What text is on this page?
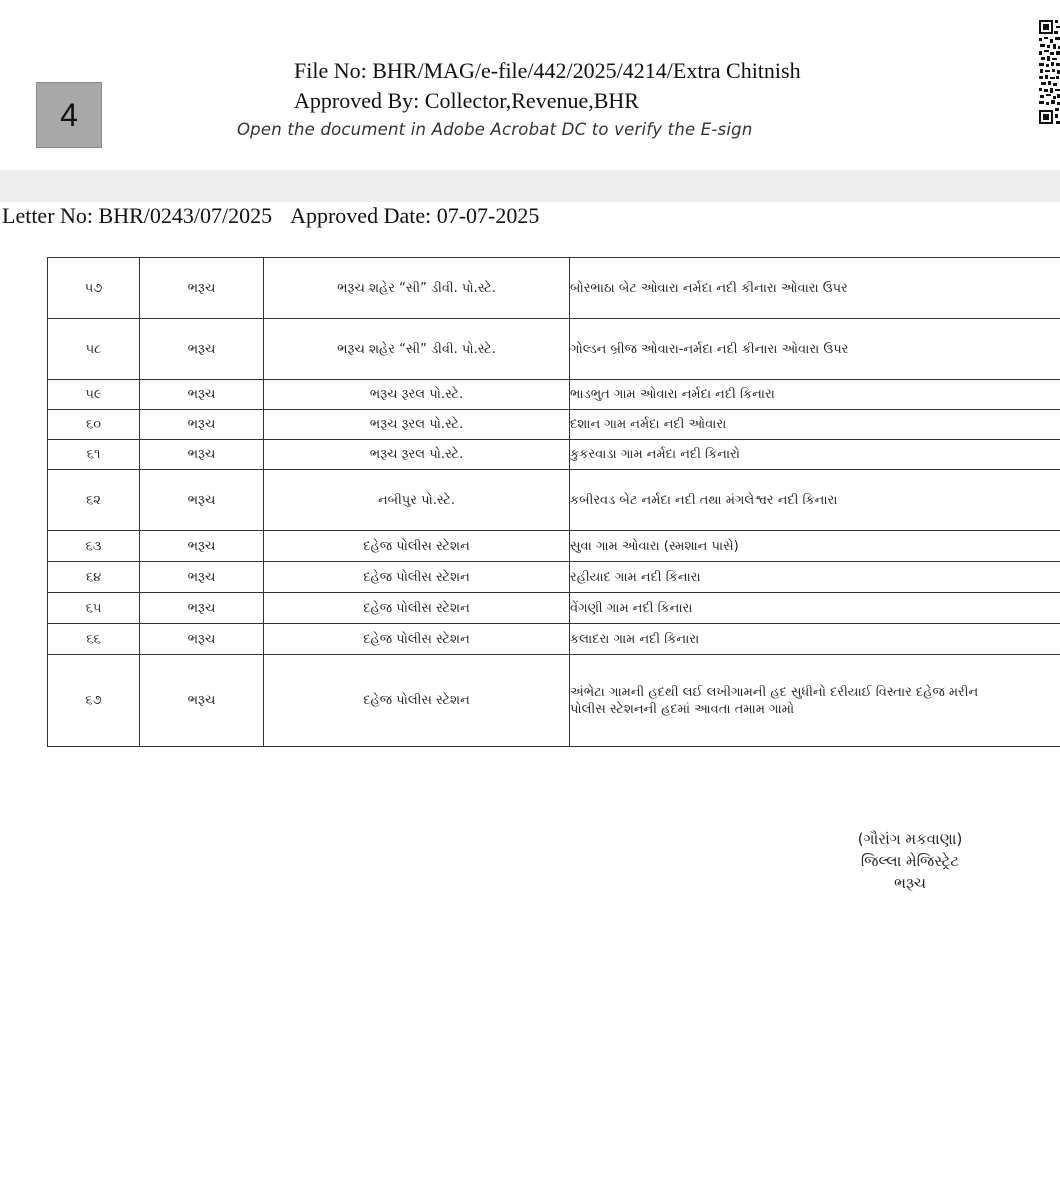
4
File No: BHR/MAG/e-file/442/2025/4214/Extra Chitnish
Approved By: Collector,Revenue,BHR
Open the document in Adobe Acrobat DC to verify the E-sign
Letter No: BHR/0243/07/2025 Approved Date: 07-07-2025
૫૭	ભરૂચ	ભરૂચ શહેર “સી” ડીવી. પો.સ્ટે.	બોરભાઠા બેટ ઓવારા નર્મદા નદી કીનારા ઓવારા ઉપર
૫૮	ભરૂચ	ભરૂચ શહેર “સી” ડીવી. પો.સ્ટે.	ગોલ્ડન બ્રીજ ઓવારા-નર્મદા નદી કીનારા ઓવારા ઉપર
૫૯	ભરૂચ	ભરૂચ રૂરલ પો.સ્ટે.	ભાડભુત ગામ ઓવારા નર્મદા નદી કિનારા
૬૦	ભરૂચ	ભરૂચ રૂરલ પો.સ્ટે.	દશાન ગામ નર્મદા નદી ઓવારા
૬૧	ભરૂચ	ભરૂચ રૂરલ પો.સ્ટે.	કુકરવાડા ગામ નર્મદા નદી કિનારો
૬૨	ભરૂચ	નબીપુર પો.સ્ટે.	કબીરવડ બેટ નર્મદા નદી તથા મંગલેશ્વર નદી કિનારા
૬૩	ભરૂચ	દહેજ પોલીસ સ્ટેશન	સુવા ગામ ઓવારા (સ્મશાન પાસે)
૬૪	ભરૂચ	દહેજ પોલીસ સ્ટેશન	રહીયાદ ગામ નદી કિનારા
૬૫	ભરૂચ	દહેજ પોલીસ સ્ટેશન	વેંગણી ગામ નદી કિનારા
૬૬	ભરૂચ	દહેજ પોલીસ સ્ટેશન	કલાદરા ગામ નદી કિનારા
૬૭	ભરૂચ	દહેજ પોલીસ સ્ટેશન	અંભેટા ગામની હદથી લઈ લખીગામની હદ સુધીનો દરીયાઈ વિસ્તાર દહેજ મરીન
પોલીસ સ્ટેશનની હદમાં આવતા તમામ ગામો
(ગૌરાંગ મકવાણા)
જિલ્લા મેજિસ્ટ્રેટ
ભરૂચ
